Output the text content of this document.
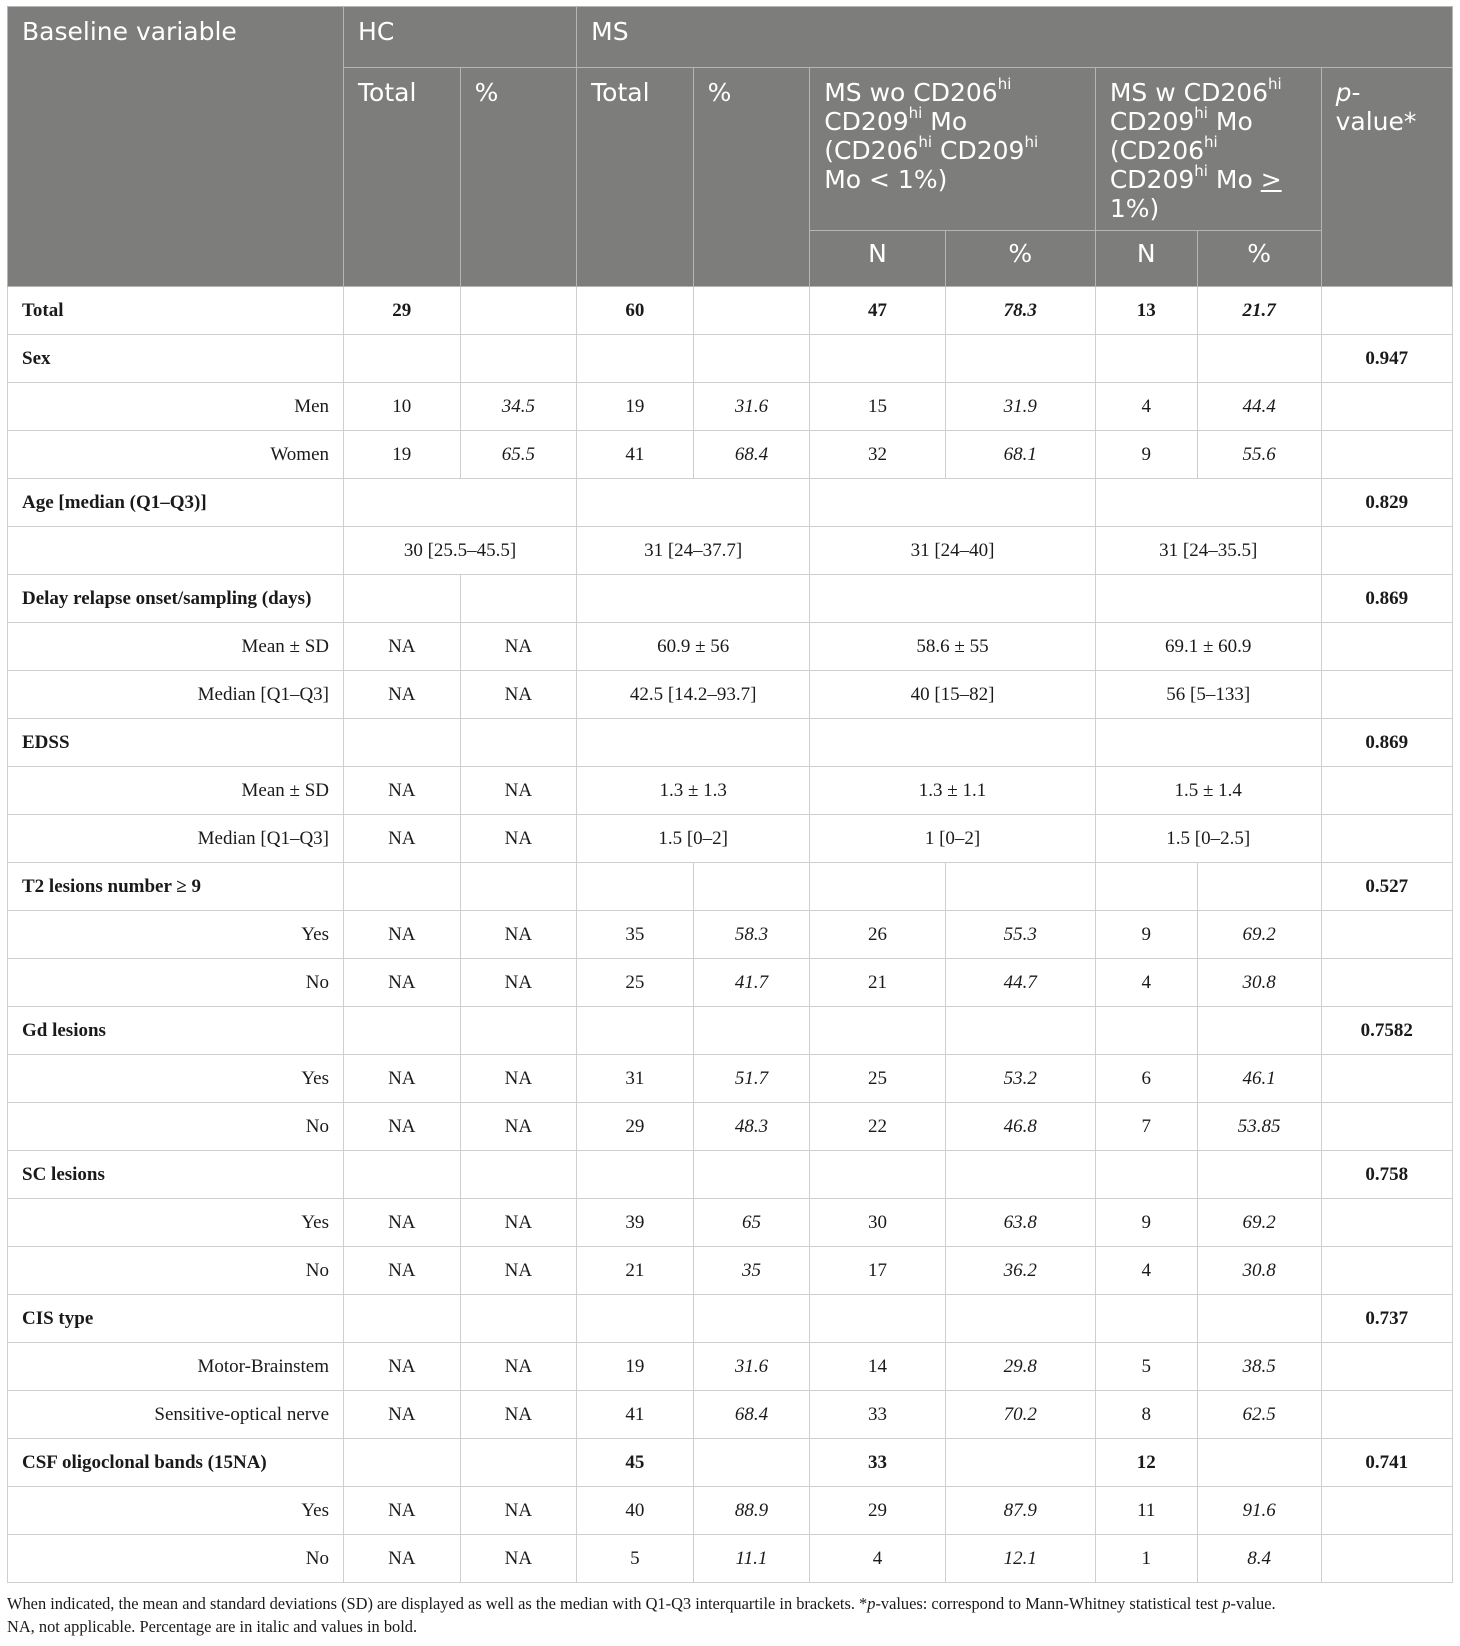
Baseline variable	HC		MS						
	Total	%	Total	%	MS wo $CD206^{hi}$ $CD209^{hi}$ Mo ($CD206^{hi}$ $CD209^{hi}$ Mo < 1%)		MS w $CD206^{hi}$ $CD209^{hi}$ Mo ($CD206^{hi}$ $CD209^{hi}$ Mo > 1%)		p-value*
					N	%	N	%	
Total	29		60		47	78.3	13	21.7	
Sex									0.947
Men	10	34.5	19	31.6	15	31.9	4	44.4	
Women	19	65.5	41	68.4	32	68.1	9	55.6	
Age [median (Q1–Q3)]									0.829
	30 [25.5–45.5]		31 [24–37.7]		31 [24–40]		31 [24–35.5]		
Delay relapse onset/sampling (days)									0.869
Mean ± SD	NA	NA	60.9 ± 56		58.6 ± 55		69.1 ± 60.9		
Median [Q1–Q3]	NA	NA	42.5 [14.2–93.7]		40 [15–82]		56 [5–133]		
EDSS									0.869
Mean ± SD	NA	NA	1.3 ± 1.3		1.3 ± 1.1		1.5 ± 1.4		
Median [Q1–Q3]	NA	NA	1.5 [0–2]		1 [0–2]		1.5 [0–2.5]		
T2 lesions number ≥ 9									0.527
Yes	NA	NA	35	58.3	26	55.3	9	69.2	
No	NA	NA	25	41.7	21	44.7	4	30.8	
Gd lesions									0.7582
Yes	NA	NA	31	51.7	25	53.2	6	46.1	
No	NA	NA	29	48.3	22	46.8	7	53.85	
SC lesions									0.758
Yes	NA	NA	39	65	30	63.8	9	69.2	
No	NA	NA	21	35	17	36.2	4	30.8	
CIS type									0.737
Motor-Brainstem	NA	NA	19	31.6	14	29.8	5	38.5	
Sensitive-optical nerve	NA	NA	41	68.4	33	70.2	8	62.5	
CSF oligoclonal bands (15NA)			45		33		12		0.741
Yes	NA	NA	40	88.9	29	87.9	11	91.6	
No	NA	NA	5	11.1	4	12.1	1	8.4	
When indicated, the mean and standard deviations (SD) are displayed as well as the median with Q1-Q3 interquartile in brackets. *p-values: correspond to Mann-Whitney statistical test p-value.
NA, not applicable. Percentage are in italic and values in bold.
